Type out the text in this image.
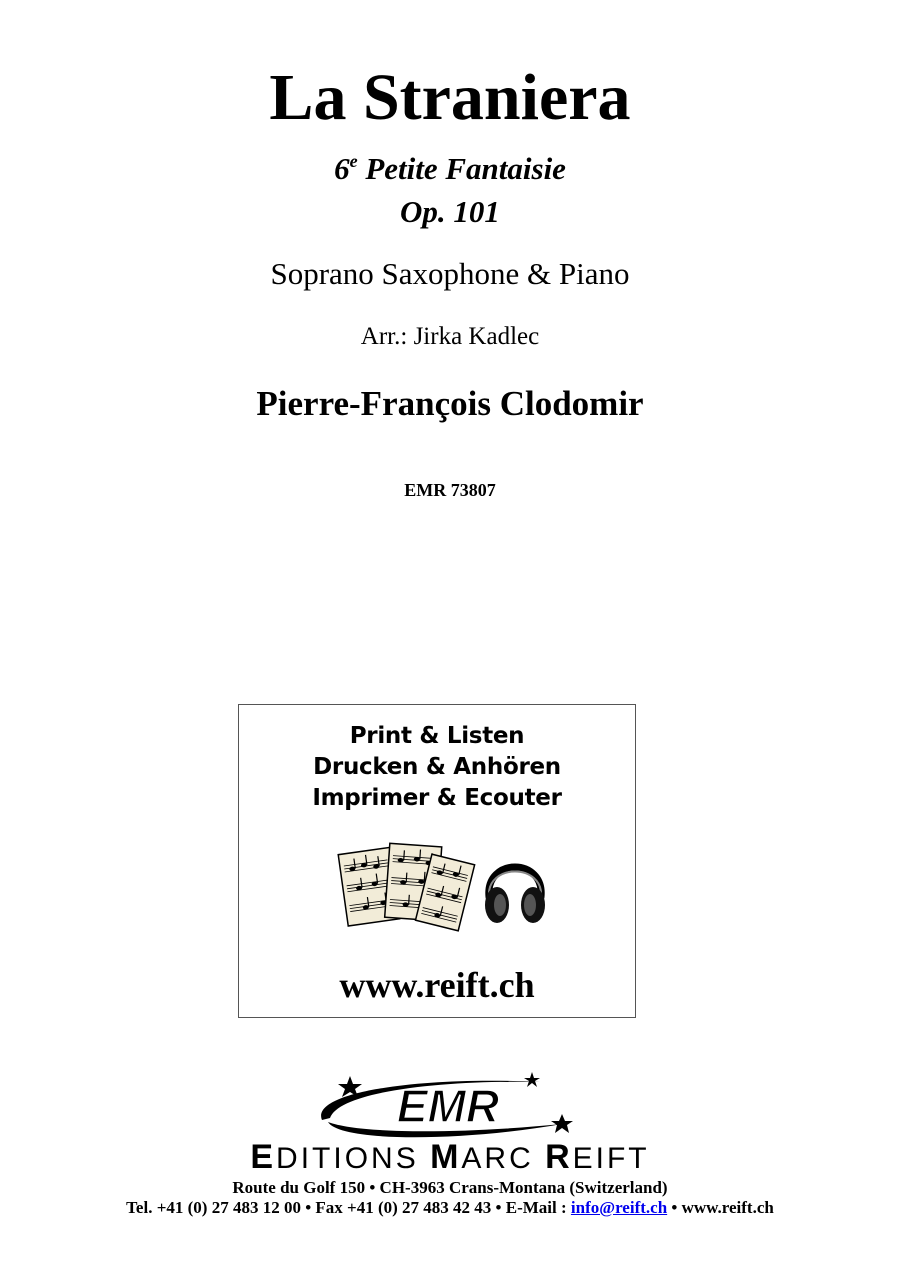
La Straniera
6e Petite Fantaisie
Op. 101
Soprano Saxophone & Piano
Arr.: Jirka Kadlec
Pierre-François Clodomir
EMR 73807
Print & Listen
Drucken & Anhören
Imprimer & Ecouter
www.reift.ch
EMR
EDITIONS MARC REIFT
Route du Golf 150 • CH-3963 Crans-Montana (Switzerland)
Tel. +41 (0) 27 483 12 00 • Fax +41 (0) 27 483 42 43 • E-Mail : info@reift.ch • www.reift.ch
